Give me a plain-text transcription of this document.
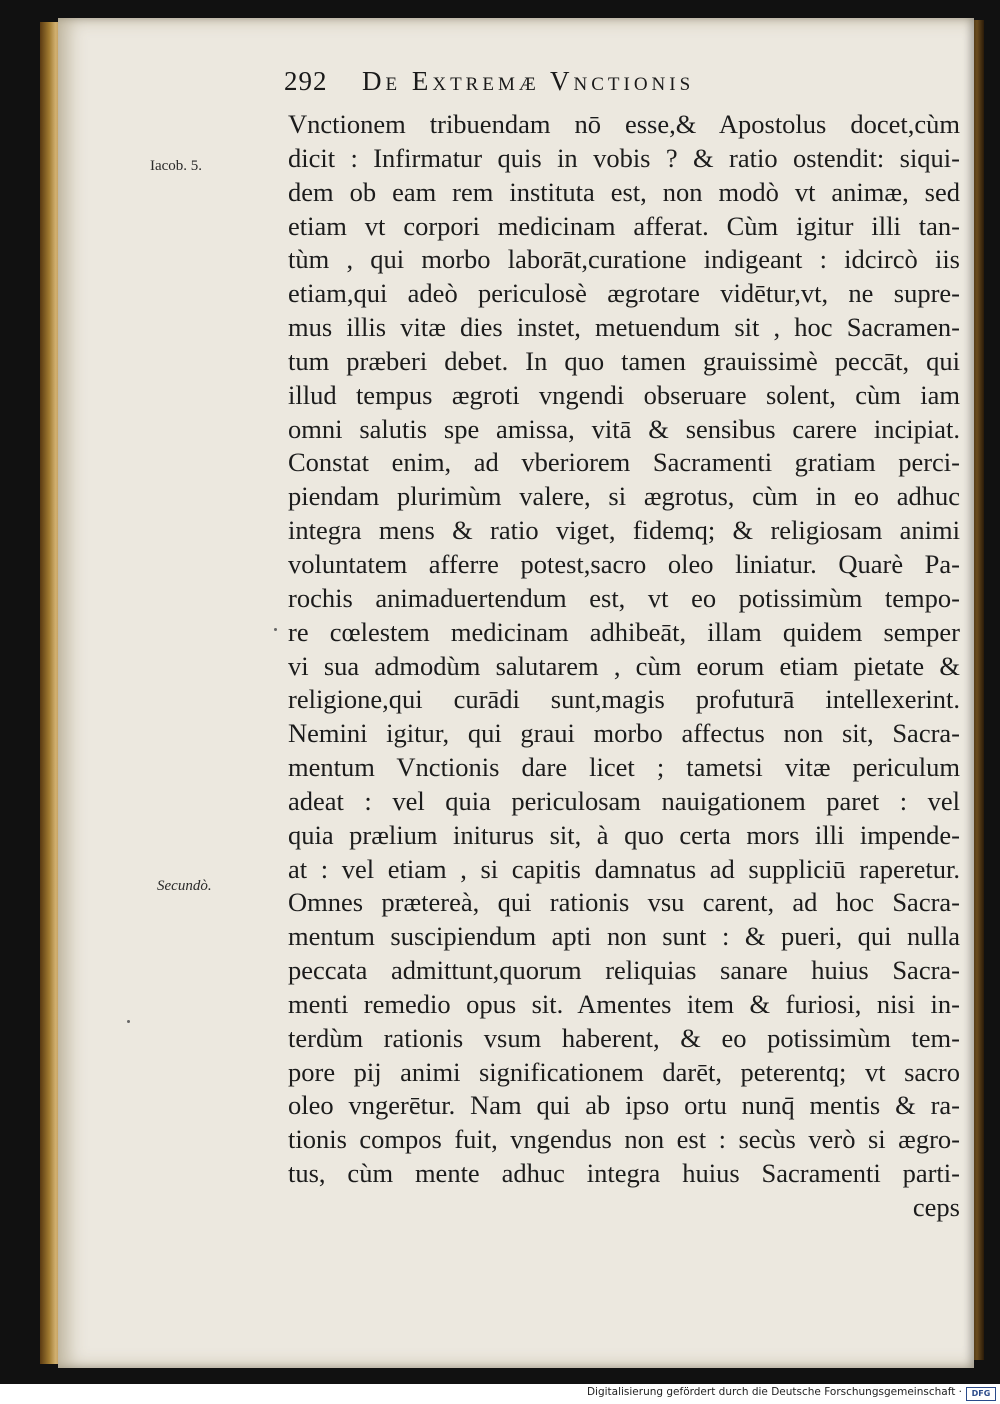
292	De Extremæ Vnctionis
Iacob. 5.
Secundò.
Vnctionem tribuendam nō esse,& Apostolus docet,cùm
dicit : Infirmatur quis in vobis ? & ratio ostendit: siqui-
dem ob eam rem instituta est, non modò vt animæ, sed
etiam vt corpori medicinam afferat. Cùm igitur illi tan-
tùm , qui morbo laborāt,curatione indigeant : idcircò iis
etiam,qui adeò periculosè ægrotare vidētur,vt, ne supre-
mus illis vitæ dies instet, metuendum sit , hoc Sacramen-
tum præberi debet. In quo tamen grauissimè peccāt, qui
illud tempus ægroti vngendi obseruare solent, cùm iam
omni salutis spe amissa, vitā & sensibus carere incipiat.
Constat enim, ad vberiorem Sacramenti gratiam perci-
piendam plurimùm valere, si ægrotus, cùm in eo adhuc
integra mens & ratio viget, fidemq; & religiosam animi
voluntatem afferre potest,sacro oleo liniatur. Quarè Pa-
rochis animaduertendum est, vt eo potissimùm tempo-
re cœlestem medicinam adhibeāt, illam quidem semper
vi sua admodùm salutarem , cùm eorum etiam pietate &
religione,qui curādi sunt,magis profuturā intellexerint.
Nemini igitur, qui graui morbo affectus non sit, Sacra-
mentum Vnctionis dare licet ; tametsi vitæ periculum
adeat : vel quia periculosam nauigationem paret : vel
quia prælium initurus sit, à quo certa mors illi impende-
at : vel etiam , si capitis damnatus ad suppliciū raperetur.
Omnes prætereà, qui rationis vsu carent, ad hoc Sacra-
mentum suscipiendum apti non sunt : & pueri, qui nulla
peccata admittunt,quorum reliquias sanare huius Sacra-
menti remedio opus sit. Amentes item & furiosi, nisi in-
terdùm rationis vsum haberent, & eo potissimùm tem-
pore pij animi significationem darēt, peterentq; vt sacro
oleo vngerētur. Nam qui ab ipso ortu nunq̄ mentis & ra-
tionis compos fuit, vngendus non est : secùs verò si ægro-
tus, cùm mente adhuc integra huius Sacramenti parti-
ceps
Digitalisierung gefördert durch die Deutsche Forschungsgemeinschaft ·	DFG
